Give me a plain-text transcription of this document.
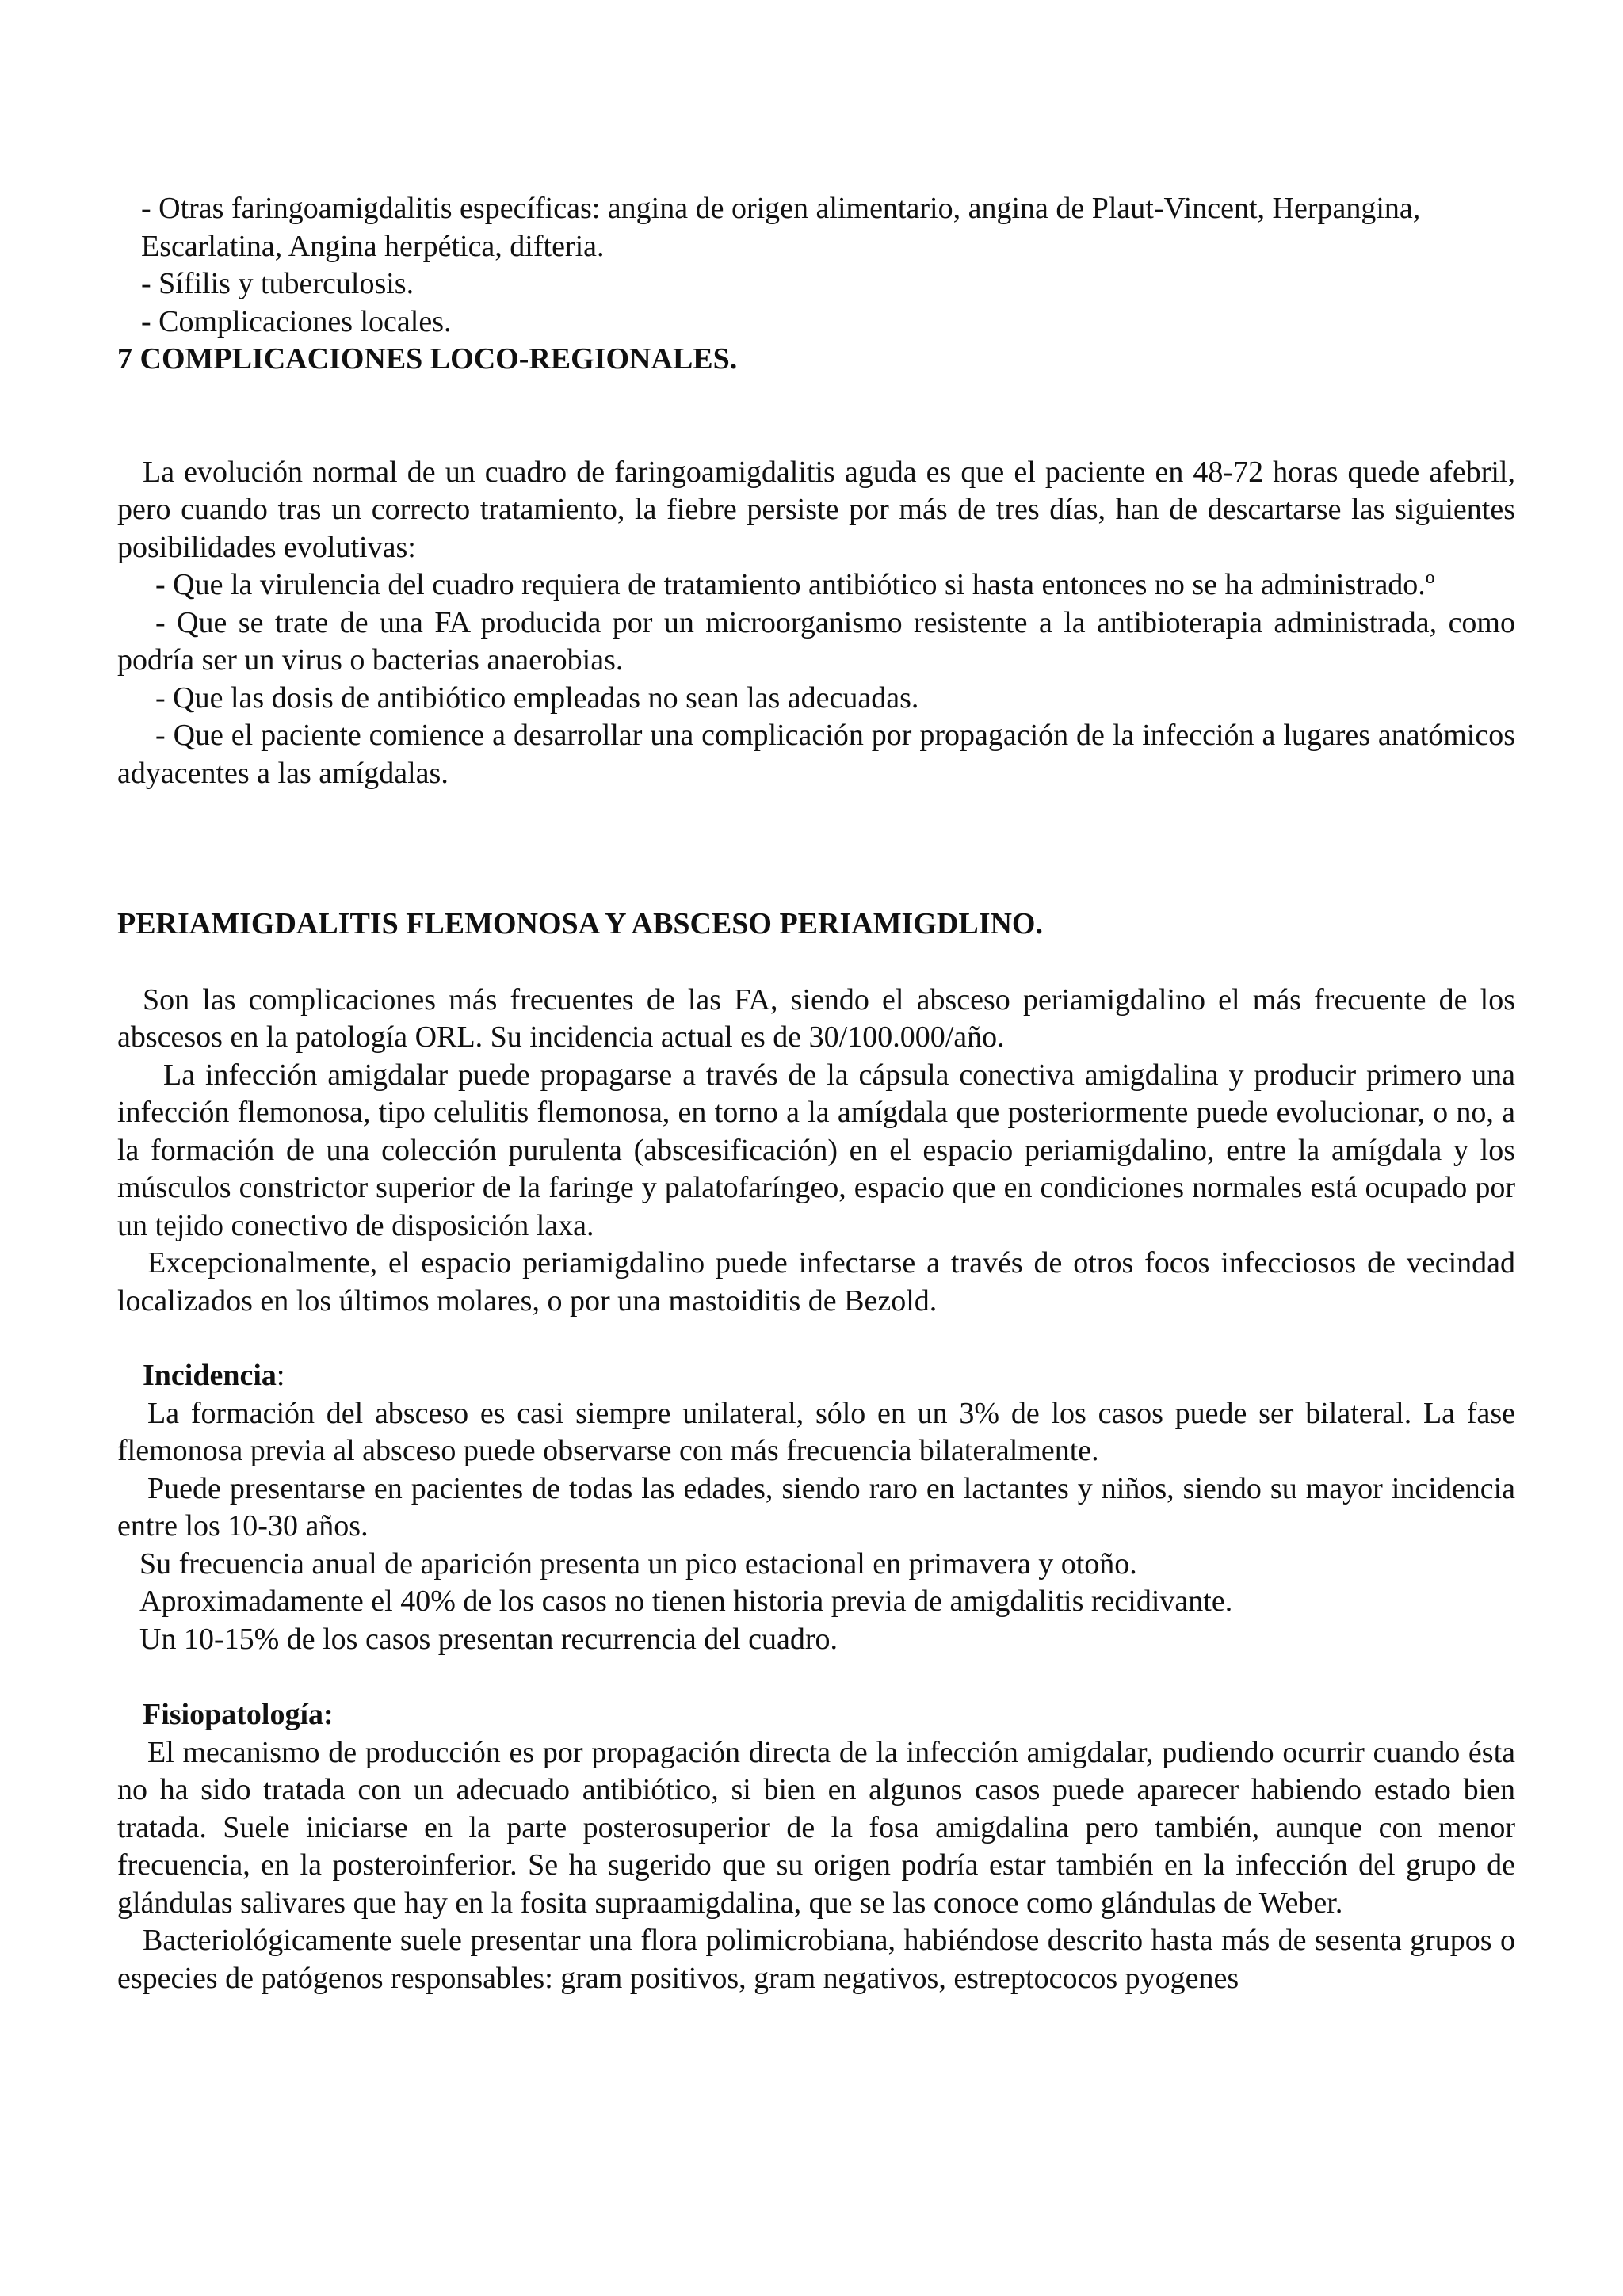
- Otras faringoamigdalitis específicas: angina de origen alimentario, angina de Plaut-Vincent, Herpangina, Escarlatina, Angina herpética, difteria.

- Sífilis y tuberculosis.

- Complicaciones locales.

7 COMPLICACIONES LOCO-REGIONALES.

La evolución normal de un cuadro de faringoamigdalitis aguda es que el paciente en 48-72 horas quede afebril, pero cuando tras un correcto tratamiento, la fiebre persiste por más de tres días, han de descartarse las siguientes posibilidades evolutivas:

- Que la virulencia del cuadro requiera de tratamiento antibiótico si hasta entonces no se ha administrado.º

- Que se trate de una FA producida por un microorganismo resistente a la antibioterapia administrada, como podría ser un virus o bacterias anaerobias.

- Que las dosis de antibiótico empleadas no sean las adecuadas.

- Que el paciente comience a desarrollar una complicación por propagación de la infección a lugares anatómicos adyacentes a las amígdalas.

PERIAMIGDALITIS FLEMONOSA Y ABSCESO PERIAMIGDLINO.

Son las complicaciones más frecuentes de las FA, siendo el absceso periamigdalino el más frecuente de los abscesos en la patología ORL. Su incidencia actual es de 30/100.000/año.

La infección amigdalar puede propagarse a través de la cápsula conectiva amigdalina y producir primero una infección flemonosa, tipo celulitis flemonosa, en torno a la amígdala que posteriormente puede evolucionar, o no, a la formación de una colección purulenta (abscesificación) en el espacio periamigdalino, entre la amígdala y los músculos constrictor superior de la faringe y palatofaríngeo, espacio que en condiciones normales está ocupado por un tejido conectivo de disposición laxa.

Excepcionalmente, el espacio periamigdalino puede infectarse a través de otros focos infecciosos de vecindad localizados en los últimos molares, o por una mastoiditis de Bezold.

Incidencia:

La formación del absceso es casi siempre unilateral, sólo en un 3% de los casos puede ser bilateral. La fase flemonosa previa al absceso puede observarse con más frecuencia bilateralmente.

Puede presentarse en pacientes de todas las edades, siendo raro en lactantes y niños, siendo su mayor incidencia entre los 10-30 años.

Su frecuencia anual de aparición presenta un pico estacional en primavera y otoño.

Aproximadamente el 40% de los casos no tienen historia previa de amigdalitis recidivante.

Un 10-15% de los casos presentan recurrencia del cuadro.

Fisiopatología:

El mecanismo de producción es por propagación directa de la infección amigdalar, pudiendo ocurrir cuando ésta no ha sido tratada con un adecuado antibiótico, si bien en algunos casos puede aparecer habiendo estado bien tratada. Suele iniciarse en la parte posterosuperior de la fosa amigdalina pero también, aunque con menor frecuencia, en la posteroinferior. Se ha sugerido que su origen podría estar también en la infección del grupo de glándulas salivares que hay en la fosita supraamigdalina, que se las conoce como glándulas de Weber.

Bacteriológicamente suele presentar una flora polimicrobiana, habiéndose descrito hasta más de sesenta grupos o especies de patógenos responsables: gram positivos, gram negativos, estreptococos pyogenes
